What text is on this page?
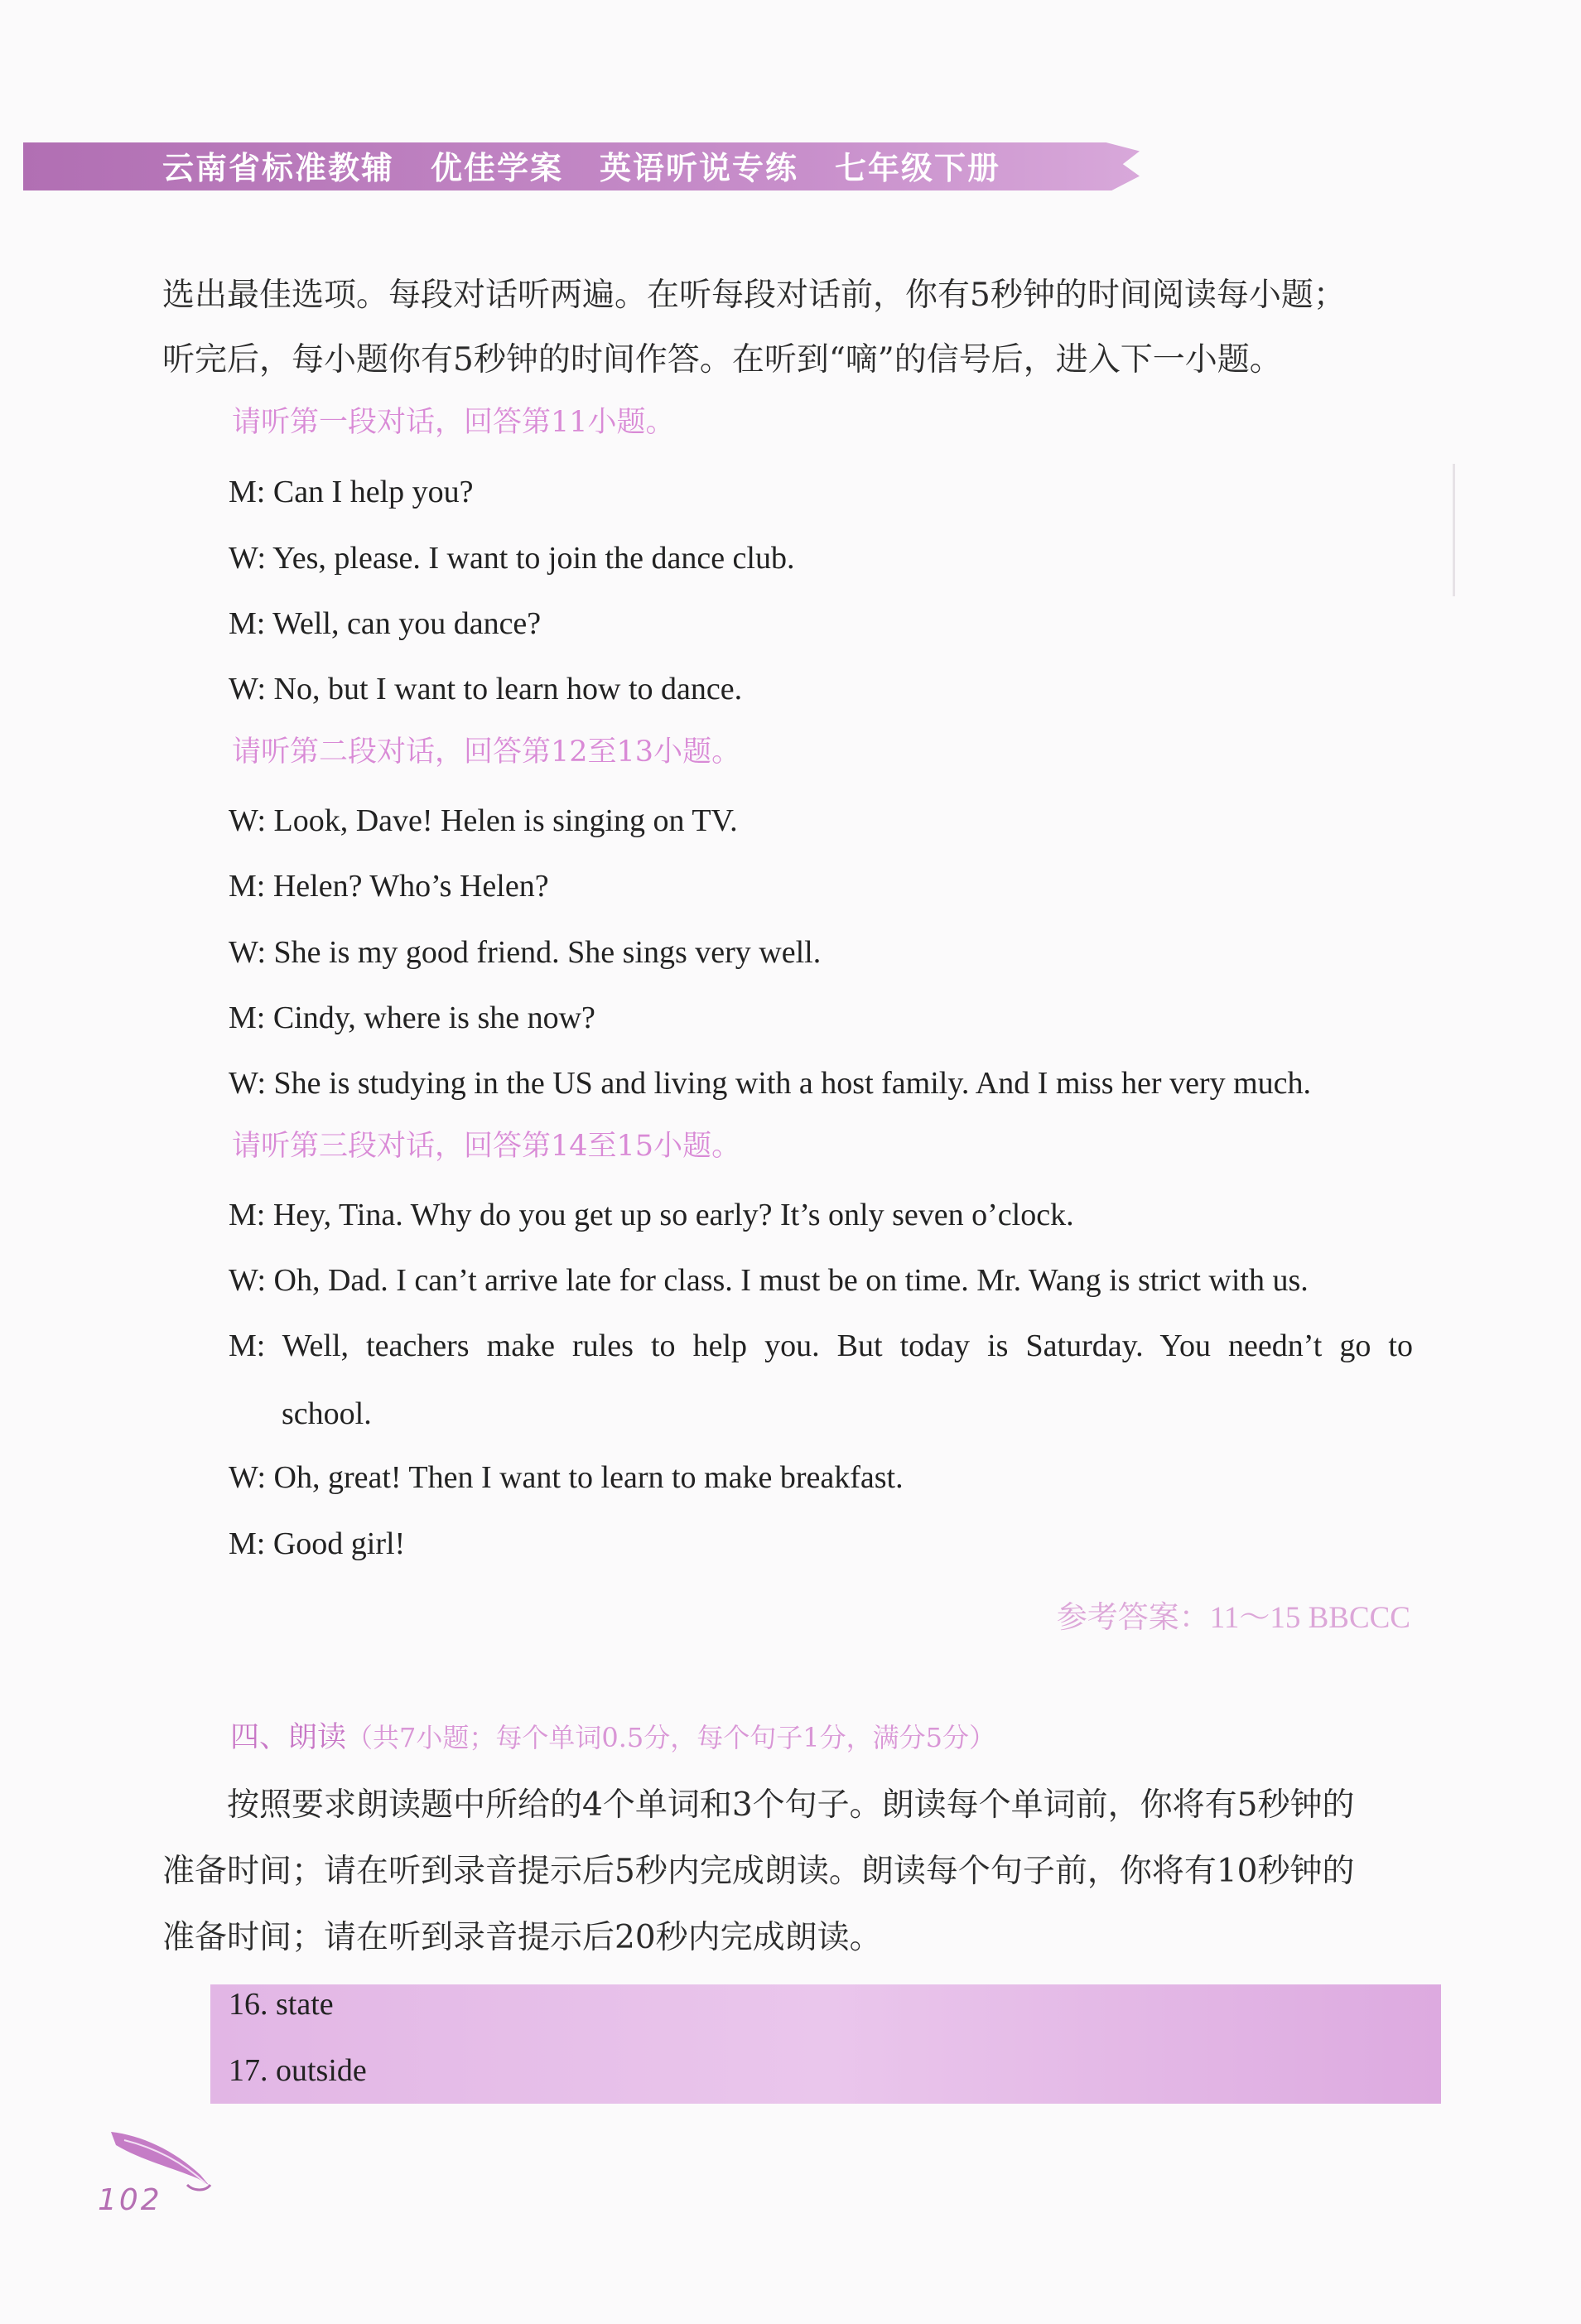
云南省标准教辅 优佳学案 英语听说专练 七年级下册
选出最佳选项。每段对话听两遍。在听每段对话前，你有5秒钟的时间阅读每小题；
听完后，每小题你有5秒钟的时间作答。在听到“嘀”的信号后，进入下一小题。
请听第一段对话，回答第11小题。
M: Can I help you?
W: Yes, please. I want to join the dance club.
M: Well, can you dance?
W: No, but I want to learn how to dance.
请听第二段对话，回答第12至13小题。
W: Look, Dave! Helen is singing on TV.
M: Helen? Who’s Helen?
W: She is my good friend. She sings very well.
M: Cindy, where is she now?
W: She is studying in the US and living with a host family. And I miss her very much.
请听第三段对话，回答第14至15小题。
M: Hey, Tina. Why do you get up so early? It’s only seven o’clock.
W: Oh, Dad. I can’t arrive late for class. I must be on time. Mr. Wang is strict with us.
M: Well, teachers make rules to help you. But today is Saturday. You needn’t go to
school.
W: Oh, great! Then I want to learn to make breakfast.
M: Good girl!
参考答案：11～15 BBCCC
四、朗读（共7小题；每个单词0.5分，每个句子1分，满分5分）
按照要求朗读题中所给的4个单词和3个句子。朗读每个单词前，你将有5秒钟的
准备时间；请在听到录音提示后5秒内完成朗读。朗读每个句子前，你将有10秒钟的
准备时间；请在听到录音提示后20秒内完成朗读。
16. state
17. outside
102
